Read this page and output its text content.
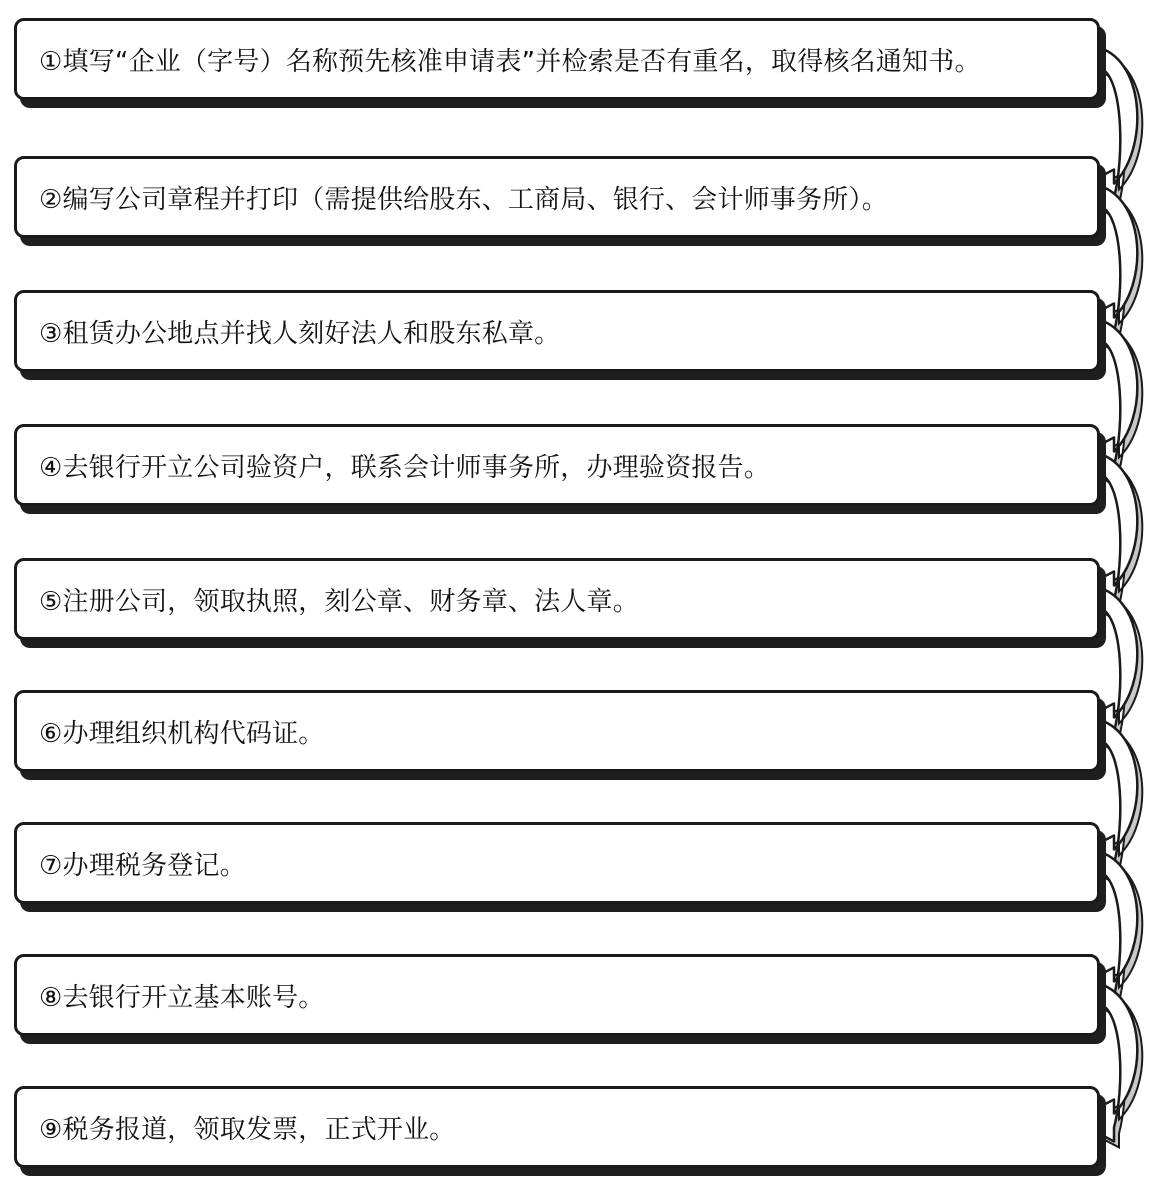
①填写“企业（字号）名称预先核准申请表”并检索是否有重名，取得核名通知书。
②编写公司章程并打印（需提供给股东、工商局、银行、会计师事务所）。
③租赁办公地点并找人刻好法人和股东私章。
④去银行开立公司验资户，联系会计师事务所，办理验资报告。
⑤注册公司，领取执照，刻公章、财务章、法人章。
⑥办理组织机构代码证。
⑦办理税务登记。
⑧去银行开立基本账号。
⑨税务报道，领取发票，正式开业。
